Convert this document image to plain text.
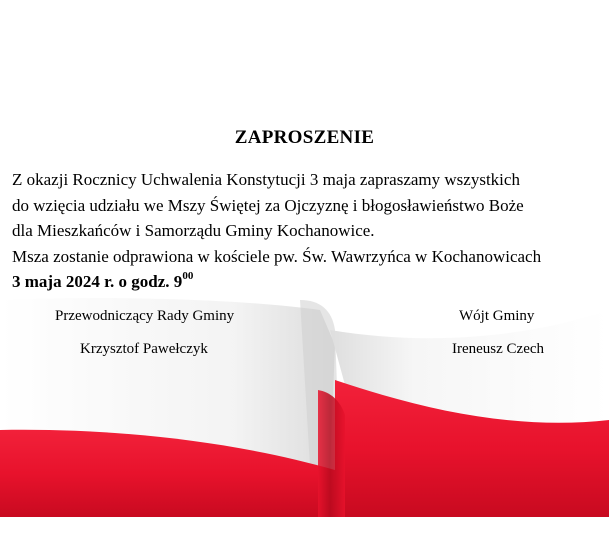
ZAPROSZENIE
Z okazji Rocznicy Uchwalenia Konstytucji 3 maja zapraszamy wszystkich
do wzięcia udziału we Mszy Świętej za Ojczyznę i błogosławieństwo Boże
dla Mieszkańców i Samorządu Gminy Kochanowice.
Msza zostanie odprawiona w kościele pw. Św. Wawrzyńca w Kochanowicach
3 maja 2024 r. o godz. $9^{00}$
Przewodniczący Rady Gminy
Krzysztof Pawełczyk
Wójt Gminy
Ireneusz Czech
